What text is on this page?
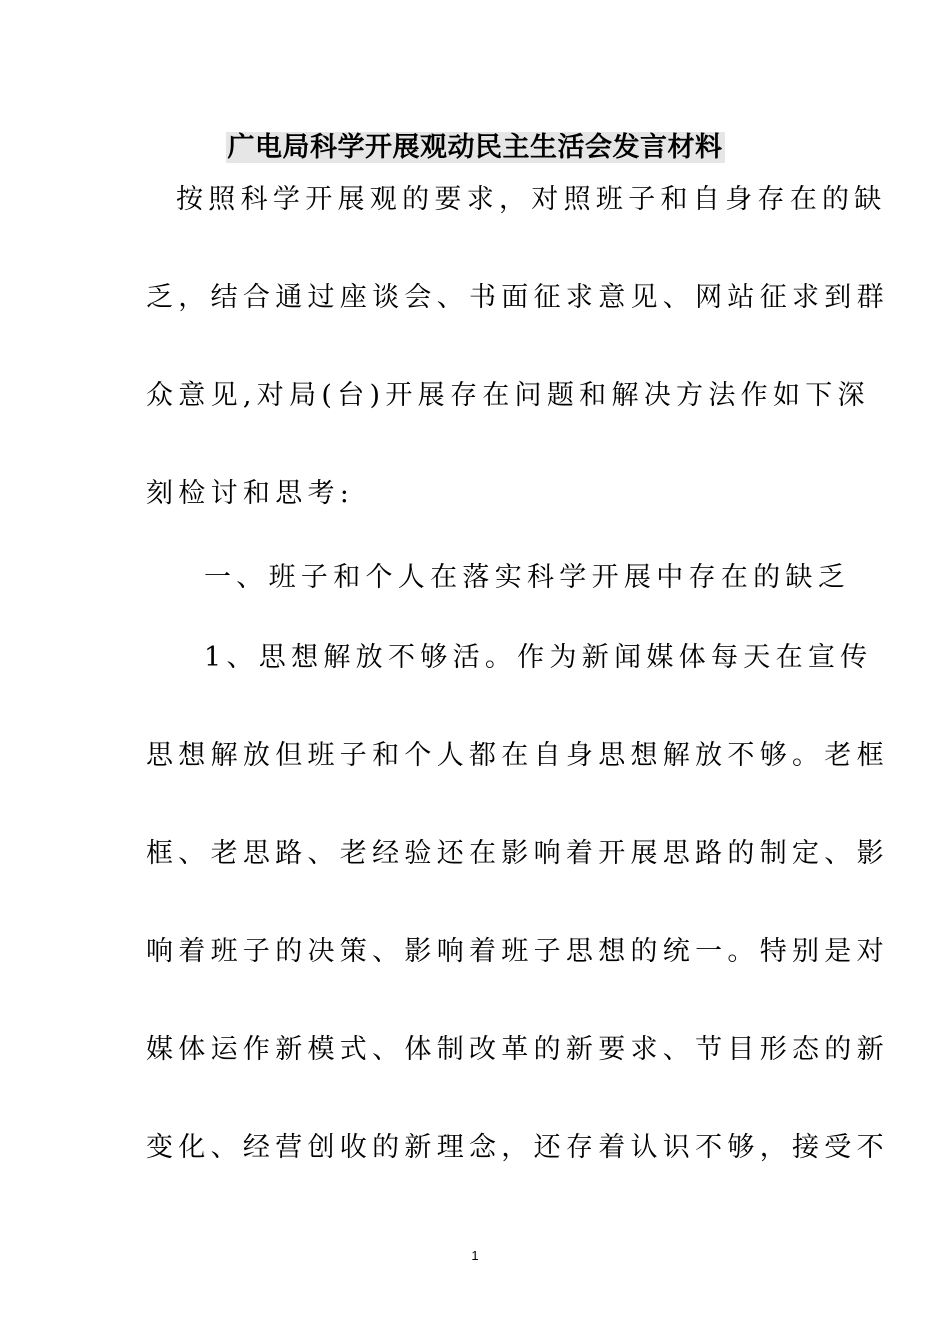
广电局科学开展观动民主生活会发言材料
按照科学开展观的要求，对照班子和自身存在的缺
乏，结合通过座谈会、书面征求意见、网站征求到群
众意见,对局(台)开展存在问题和解决方法作如下深
刻检讨和思考:
一、班子和个人在落实科学开展中存在的缺乏
1、思想解放不够活。作为新闻媒体每天在宣传
思想解放但班子和个人都在自身思想解放不够。老框
框、老思路、老经验还在影响着开展思路的制定、影
响着班子的决策、影响着班子思想的统一。特别是对
媒体运作新模式、体制改革的新要求、节目形态的新
变化、经营创收的新理念，还存着认识不够，接受不
1
